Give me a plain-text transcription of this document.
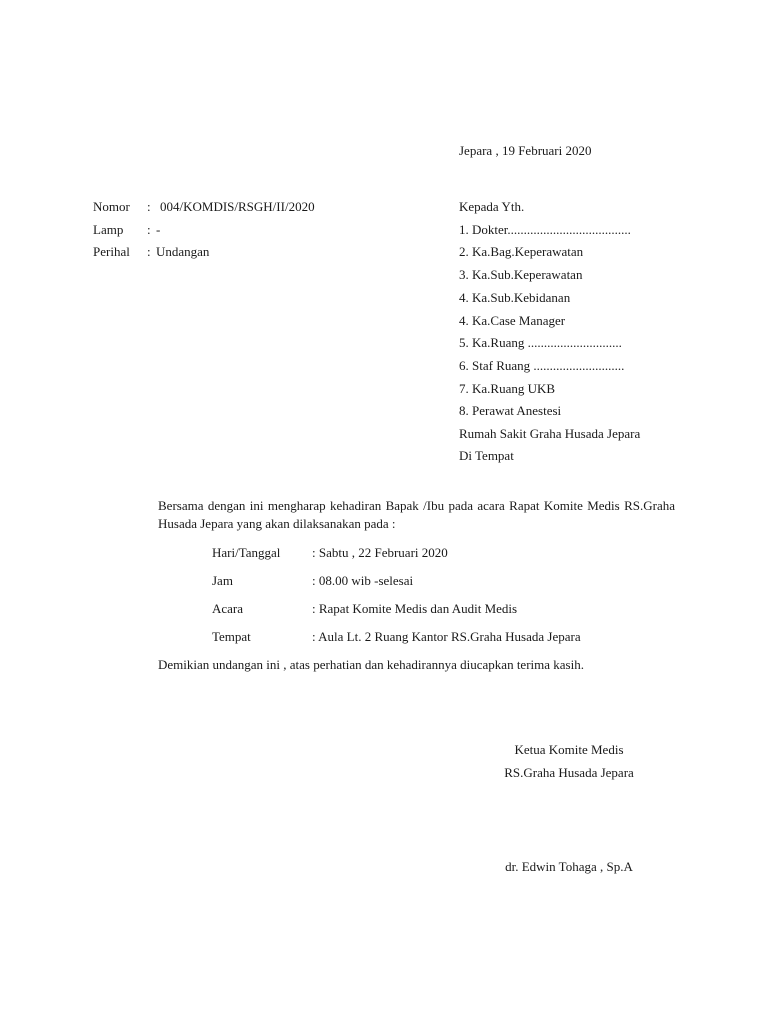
Jepara , 19 Februari 2020
Nomor : 004/KOMDIS/RSGH/II/2020
Lamp : -
Perihal : Undangan
Kepada Yth.
1. Dokter......................................
2. Ka.Bag.Keperawatan
3. Ka.Sub.Keperawatan
4. Ka.Sub.Kebidanan
4. Ka.Case Manager
5. Ka.Ruang .............................
6. Staf Ruang ............................
7. Ka.Ruang UKB
8. Perawat Anestesi
Rumah Sakit Graha Husada Jepara
Di Tempat
Bersama dengan ini mengharap kehadiran Bapak /Ibu pada acara Rapat Komite Medis RS.Graha Husada Jepara yang akan dilaksanakan pada :
Hari/Tanggal : Sabtu , 22 Februari 2020
Jam	: 08.00 wib -selesai
Acara	: Rapat Komite Medis dan Audit Medis
Tempat	: Aula Lt. 2 Ruang Kantor RS.Graha Husada Jepara
Demikian undangan ini , atas perhatian dan kehadirannya diucapkan terima kasih.
Ketua Komite Medis
RS.Graha Husada Jepara
dr. Edwin Tohaga , Sp.A
